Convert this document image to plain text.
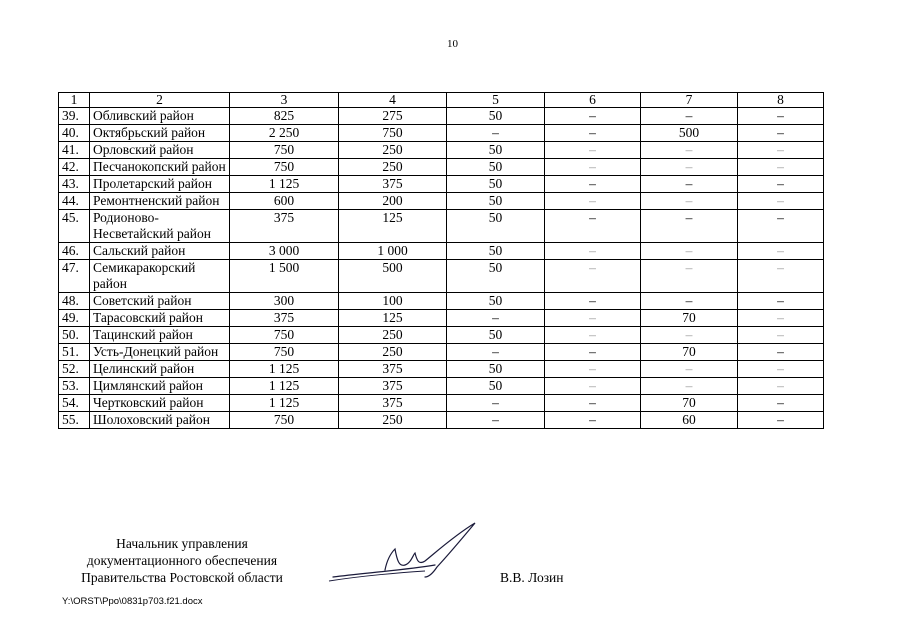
10
1	2	3	4	5	6	7	8
39.	Обливский район	825	275	50	–	–	–
40.	Октябрьский район	2 250	750	–	–	500	–
41.	Орловский район	750	250	50	–	–	–
42.	Песчанокопский район	750	250	50	–	–	–
43.	Пролетарский район	1 125	375	50	–	–	–
44.	Ремонтненский район	600	200	50	–	–	–
45.	Родионово-Несветайский район	375	125	50	–	–	–
46.	Сальский район	3 000	1 000	50	–	–	–
47.	Семикаракорский район	1 500	500	50	–	–	–
48.	Советский район	300	100	50	–	–	–
49.	Тарасовский район	375	125	–	–	70	–
50.	Тацинский район	750	250	50	–	–	–
51.	Усть-Донецкий район	750	250	–	–	70	–
52.	Целинский район	1 125	375	50	–	–	–
53.	Цимлянский район	1 125	375	50	–	–	–
54.	Чертковский район	1 125	375	–	–	70	–
55.	Шолоховский район	750	250	–	–	60	–
Начальник управления
документационного обеспечения
Правительства Ростовской области	В.В. Лозин
Y:\ORST\Ppo\0831p703.f21.docx
